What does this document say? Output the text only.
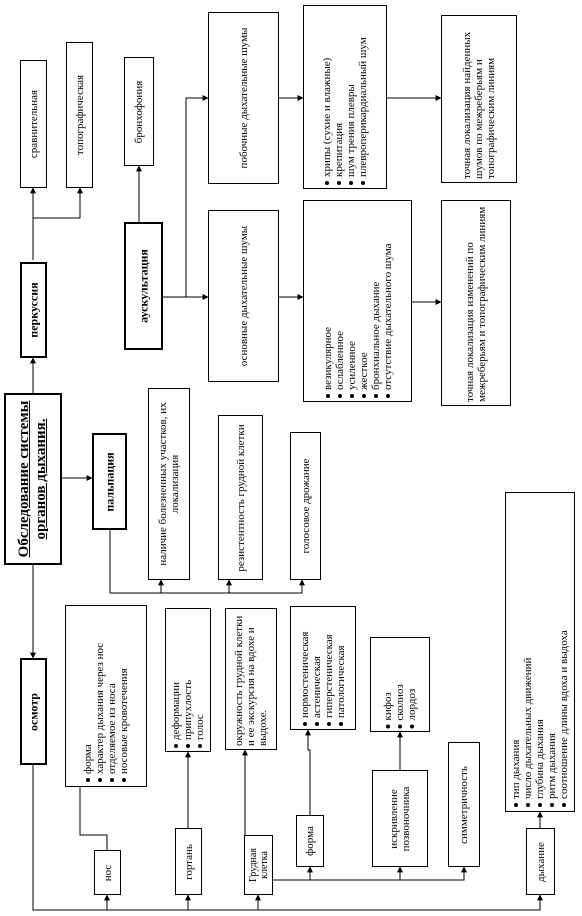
Обследование системы органов дыхания.
перкуссия
сравнительная	топографическая
аускультация
бронхофония	побочные дыхательные шумы	хрипы (сухие и влажные) крепитация шум трения плевры плевроперикардиальный шум	точная локализация найденных шумов по межреберьям и топографическим линиям
основные дыхательные шумы	везикулярное ослабленное усиленное жесткое бронхиальное дыхание отсутствие дыхательного шума	точная локализация изменений по межреберьям и топографическим линиям
пальпация	наличие болезненных участков, их локализация	резистентность грудной клетки	голосовое дрожание
осмотр
форма характер дыхания через нос отделяемое из носа носовые кровотечения
нос
деформации припухлость голос
гортань
окружность грудной клетки и ее экскурсия на вдохе и выдохе.
Грудная клетка
нормостеническая астеническая гиперстеническая патологическая
форма
кифоз сколиоз лордоз
искривление позвоночника	симметричность	тип дыхания число дыхательных движений глубина дыхания ритм дыхания соотношение длины вдоха и выдоха
дыхание
